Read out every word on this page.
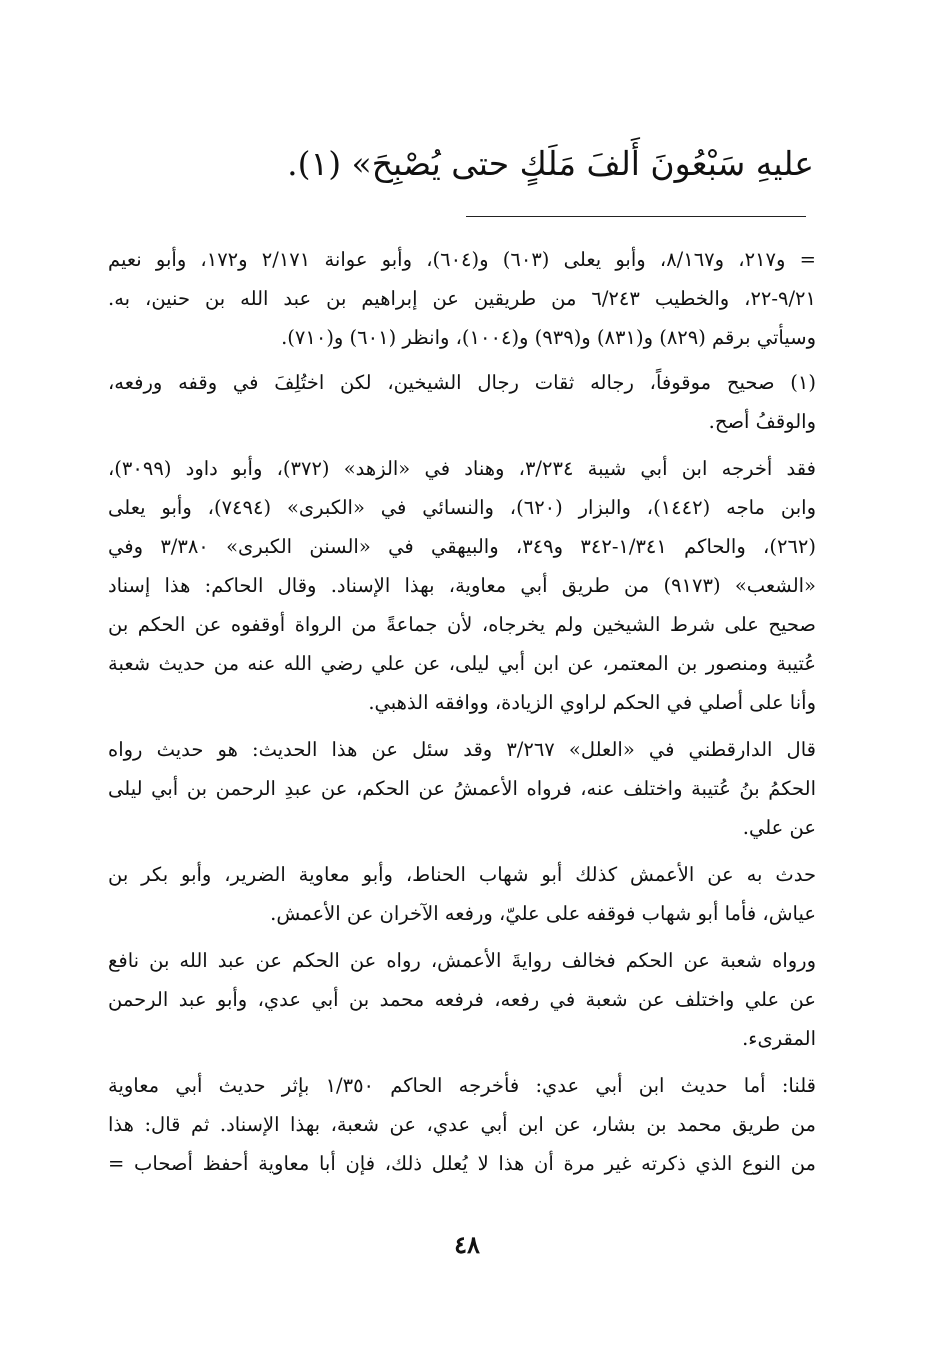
عليهِ سَبْعُونَ أَلفَ مَلَكٍ حتى يُصْبِحَ» (١).

= و٢١٧، و٨/١٦٧، وأبو يعلى (٦٠٣) و(٦٠٤)، وأبو عوانة ٢/١٧١ و١٧٢، وأبو نعيم
٩/٢١-٢٢، والخطيب ٦/٢٤٣ من طريقين عن إبراهيم بن عبد الله بن حنين، به.
وسيأتي برقم (٨٢٩) و(٨٣١) و(٩٣٩) و(١٠٠٤)، وانظر (٦٠١) و(٧١٠).

(١) صحيح موقوفاً، رجاله ثقات رجال الشيخين، لكن اختُلِفَ في وقفه ورفعه،
والوقفُ أصح.

فقد أخرجه ابن أبي شيبة ٣/٢٣٤، وهناد في «الزهد» (٣٧٢)، وأبو داود (٣٠٩٩)،
وابن ماجه (١٤٤٢)، والبزار (٦٢٠)، والنسائي في «الكبرى» (٧٤٩٤)، وأبو يعلى
(٢٦٢)، والحاكم ١/٣٤١-٣٤٢ و٣٤٩، والبيهقي في «السنن الكبرى» ٣/٣٨٠ وفي
«الشعب» (٩١٧٣) من طريق أبي معاوية، بهذا الإسناد. وقال الحاكم: هذا إسناد
صحيح على شرط الشيخين ولم يخرجاه، لأن جماعةً من الرواة أوقفوه عن الحكم بن
عُتيبة ومنصور بن المعتمر، عن ابن أبي ليلى، عن علي رضي الله عنه من حديث شعبة
وأنا على أصلي في الحكم لراوي الزيادة، ووافقه الذهبي.

قال الدارقطني في «العلل» ٣/٢٦٧ وقد سئل عن هذا الحديث: هو حديث رواه
الحكمُ بنُ عُتيبة واختلف عنه، فرواه الأعمشُ عن الحكم، عن عبدِ الرحمن بن أبي ليلى
عن علي.

حدث به عن الأعمش كذلك أبو شهاب الحناط، وأبو معاوية الضرير، وأبو بكر بن
عياش، فأما أبو شهاب فوقفه على عليّ، ورفعه الآخران عن الأعمش.

ورواه شعبة عن الحكم فخالف روايةَ الأعمش، رواه عن الحكم عن عبد الله بن نافع
عن علي واختلف عن شعبة في رفعه، فرفعه محمد بن أبي عدي، وأبو عبد الرحمن
المقرىء.

قلنا: أما حديث ابن أبي عدي: فأخرجه الحاكم ١/٣٥٠ بإثر حديث أبي معاوية
من طريق محمد بن بشار، عن ابن أبي عدي، عن شعبة، بهذا الإسناد. ثم قال: هذا
من النوع الذي ذكرته غير مرة أن هذا لا يُعلل ذلك، فإن أبا معاوية أحفظ أصحاب =

٤٨
